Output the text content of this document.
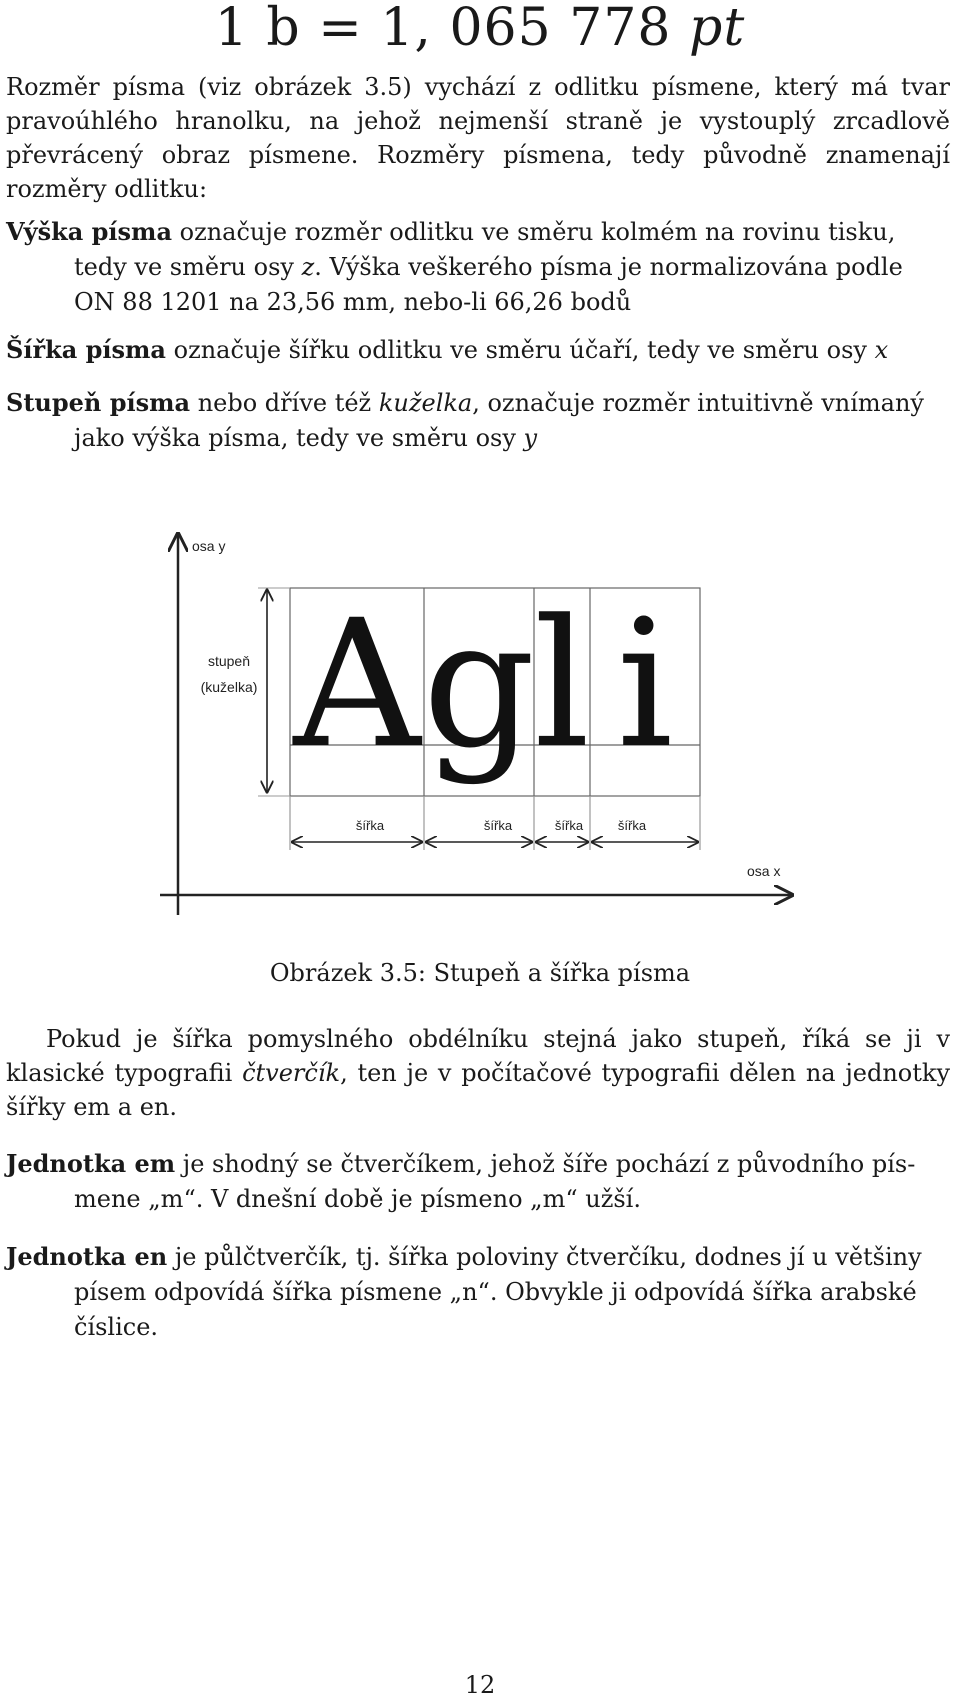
1 b = 1, 065 778 pt

Rozměr písma (viz obrázek 3.5) vychází z odlitku písmene, který má tvar pravoúhlého hranolku, na jehož nejmenší straně je vystouplý zrcadlově převrácený obraz písmene. Rozměry písmena, tedy původně znamenají rozměry odlitku:

Výška písma označuje rozměr odlitku ve směru kolmém na rovinu tisku,
tedy ve směru osy z. Výška veškerého písma je normalizována podle ON 88 1201 na 23,56 mm, nebo-li 66,26 bodů

Šířka písma označuje šířku odlitku ve směru účaří, tedy ve směru osy x

Stupeň písma nebo dříve též kuželka, označuje rozměr intuitivně vnímaný
jako výška písma, tedy ve směru osy y

osa y
osa x
stupeň
(kuželka) A g
l i
šířka	šířka	šířka	šířka
Obrázek 3.5: Stupeň a šířka písma

Pokud je šířka pomyslného obdélníku stejná jako stupeň, říká se ji v klasické typografii čtverčík, ten je v počítačové typografii dělen na jednotky šířky em a en.

Jednotka em je shodný se čtverčíkem, jehož šíře pochází z původního pís-
mene „m“. V dnešní době je písmeno „m“ užší.

Jednotka en je půlčtverčík, tj. šířka poloviny čtverčíku, dodnes jí u většiny
písem odpovídá šířka písmene „n“. Obvykle ji odpovídá šířka arabské
číslice.

12
